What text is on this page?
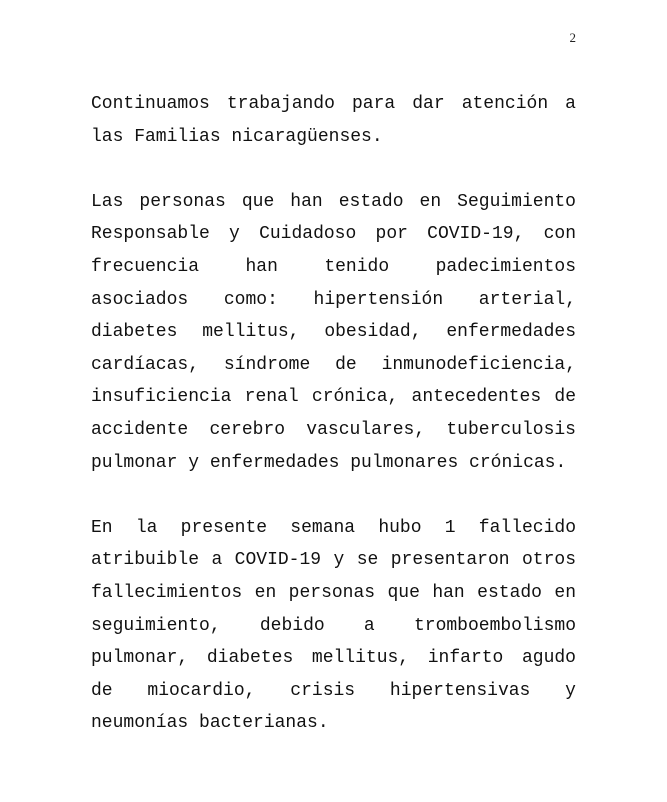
2

Continuamos trabajando para dar atención a las Familias nicaragüenses.

Las personas que han estado en Seguimiento Responsable y Cuidadoso por COVID-19, con frecuencia han tenido padecimientos asociados como: hipertensión arterial, diabetes mellitus, obesidad, enfermedades cardíacas, síndrome de inmunodeficiencia, insuficiencia renal crónica, antecedentes de accidente cerebro vasculares, tuberculosis pulmonar y enfermedades pulmonares crónicas.

En la presente semana hubo 1 fallecido atribuible a COVID-19 y se presentaron otros fallecimientos en personas que han estado en seguimiento, debido a tromboembolismo pulmonar, diabetes mellitus, infarto agudo de miocardio, crisis hipertensivas y neumonías bacterianas.
